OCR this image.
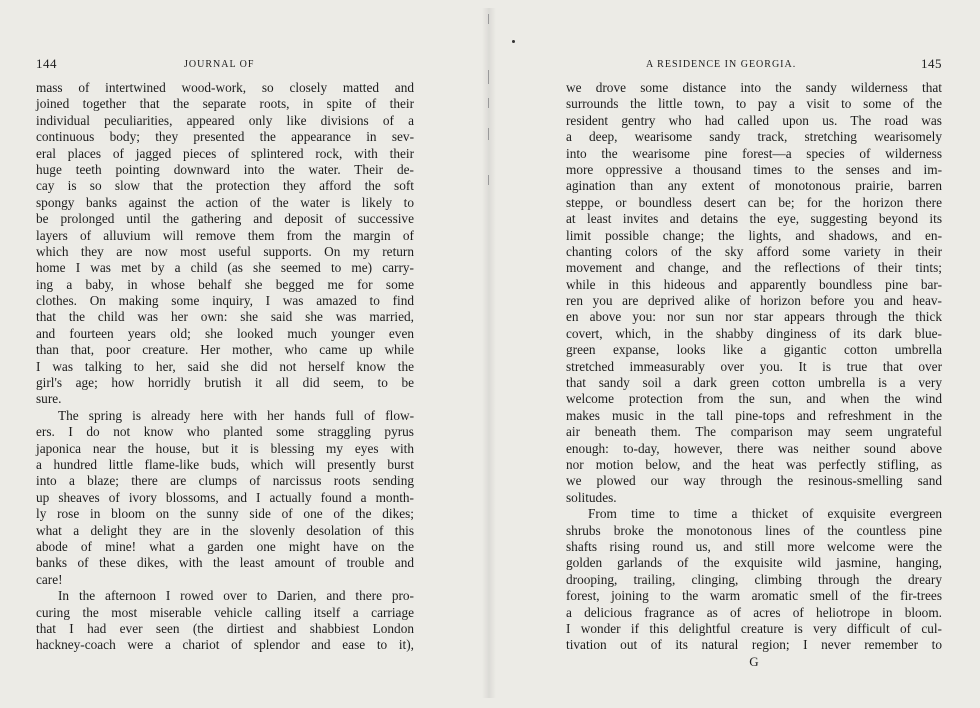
144	JOURNAL OF
mass of intertwined wood-work, so closely matted and
joined together that the separate roots, in spite of their
individual peculiarities, appeared only like divisions of a
continuous body; they presented the appearance in sev-
eral places of jagged pieces of splintered rock, with their
huge teeth pointing downward into the water. Their de-
cay is so slow that the protection they afford the soft
spongy banks against the action of the water is likely to
be prolonged until the gathering and deposit of successive
layers of alluvium will remove them from the margin of
which they are now most useful supports. On my return
home I was met by a child (as she seemed to me) carry-
ing a baby, in whose behalf she begged me for some
clothes. On making some inquiry, I was amazed to find
that the child was her own: she said she was married,
and fourteen years old; she looked much younger even
than that, poor creature. Her mother, who came up while
I was talking to her, said she did not herself know the
girl's age; how horridly brutish it all did seem, to be
sure.
The spring is already here with her hands full of flow-
ers. I do not know who planted some straggling pyrus
japonica near the house, but it is blessing my eyes with
a hundred little flame-like buds, which will presently burst
into a blaze; there are clumps of narcissus roots sending
up sheaves of ivory blossoms, and I actually found a month-
ly rose in bloom on the sunny side of one of the dikes;
what a delight they are in the slovenly desolation of this
abode of mine! what a garden one might have on the
banks of these dikes, with the least amount of trouble and
care!
In the afternoon I rowed over to Darien, and there pro-
curing the most miserable vehicle calling itself a carriage
that I had ever seen (the dirtiest and shabbiest London
hackney-coach were a chariot of splendor and ease to it),
A RESIDENCE IN GEORGIA.	145
we drove some distance into the sandy wilderness that
surrounds the little town, to pay a visit to some of the
resident gentry who had called upon us. The road was
a deep, wearisome sandy track, stretching wearisomely
into the wearisome pine forest—a species of wilderness
more oppressive a thousand times to the senses and im-
agination than any extent of monotonous prairie, barren
steppe, or boundless desert can be; for the horizon there
at least invites and detains the eye, suggesting beyond its
limit possible change; the lights, and shadows, and en-
chanting colors of the sky afford some variety in their
movement and change, and the reflections of their tints;
while in this hideous and apparently boundless pine bar-
ren you are deprived alike of horizon before you and heav-
en above you: nor sun nor star appears through the thick
covert, which, in the shabby dinginess of its dark blue-
green expanse, looks like a gigantic cotton umbrella
stretched immeasurably over you. It is true that over
that sandy soil a dark green cotton umbrella is a very
welcome protection from the sun, and when the wind
makes music in the tall pine-tops and refreshment in the
air beneath them. The comparison may seem ungrateful
enough: to-day, however, there was neither sound above
nor motion below, and the heat was perfectly stifling, as
we plowed our way through the resinous-smelling sand
solitudes.
From time to time a thicket of exquisite evergreen
shrubs broke the monotonous lines of the countless pine
shafts rising round us, and still more welcome were the
golden garlands of the exquisite wild jasmine, hanging,
drooping, trailing, clinging, climbing through the dreary
forest, joining to the warm aromatic smell of the fir-trees
a delicious fragrance as of acres of heliotrope in bloom.
I wonder if this delightful creature is very difficult of cul-
tivation out of its natural region; I never remember to
G
